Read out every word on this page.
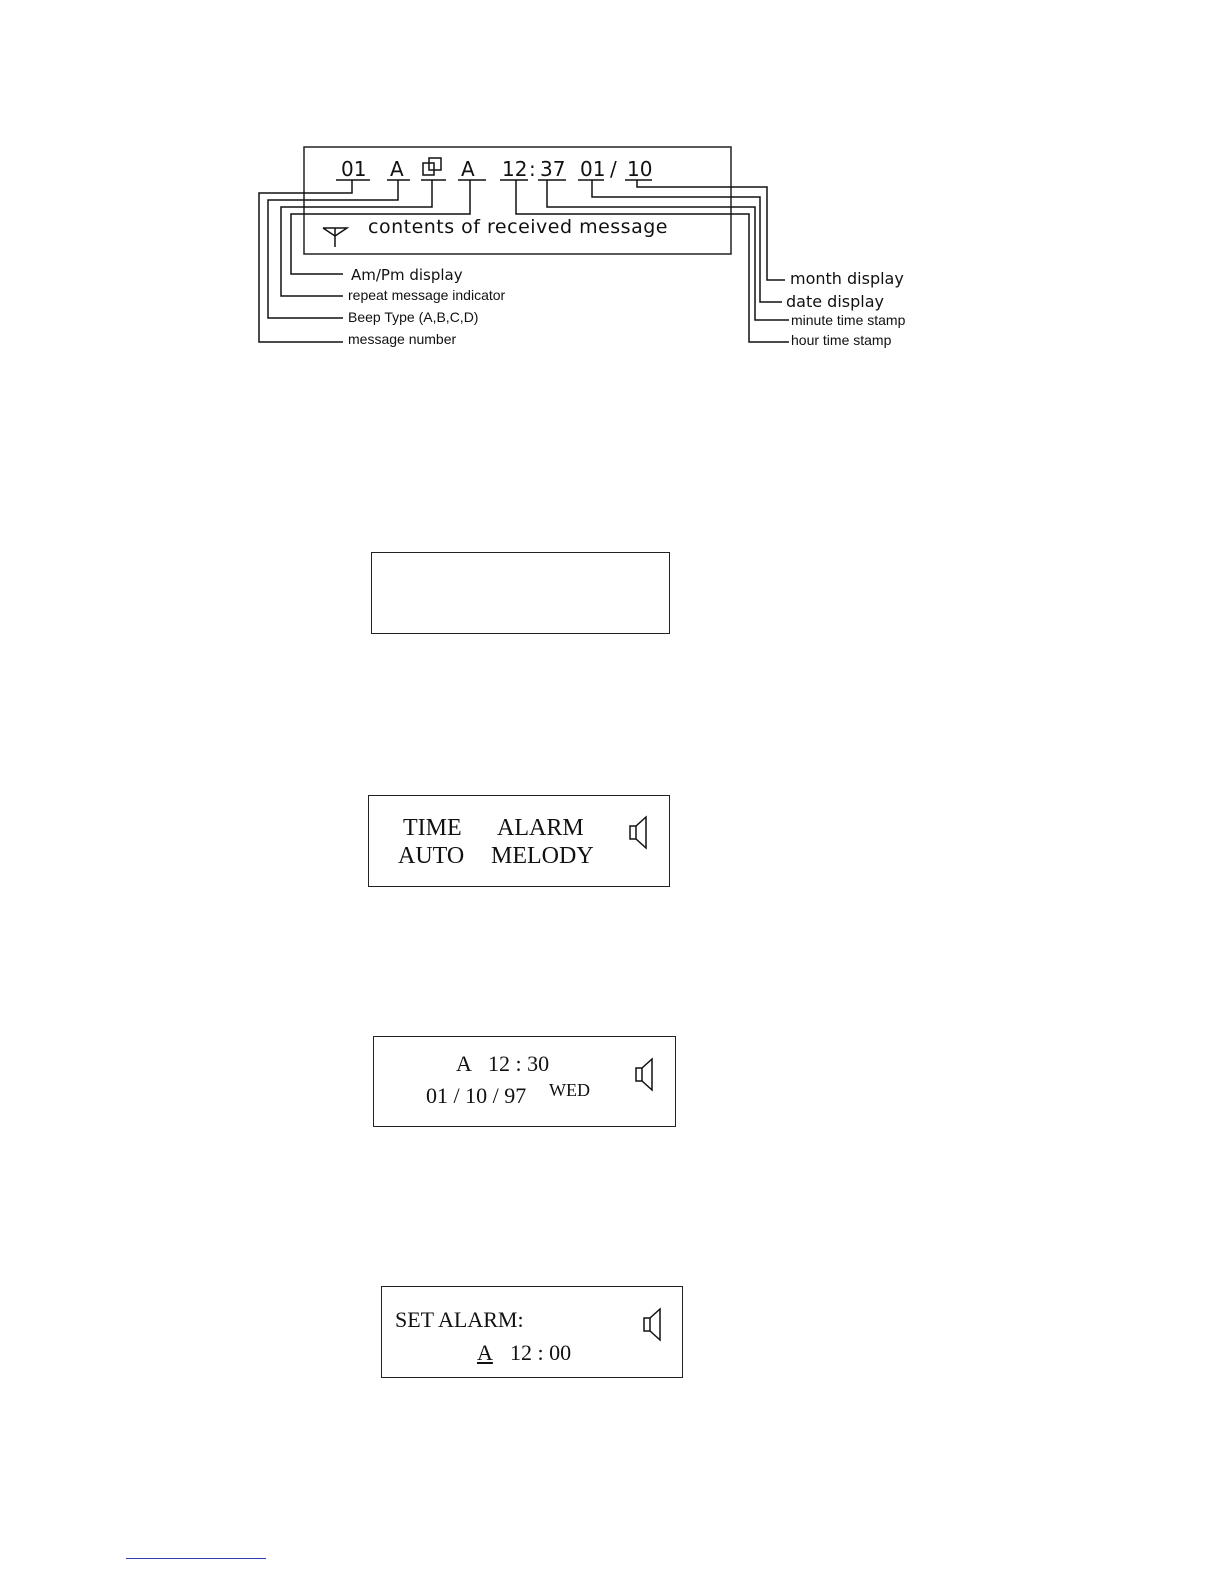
01 A	A 12 : 37 01 / 10
contents of received message
Am/Pm display
repeat message indicator
Beep Type (A,B,C,D)
message number
month display
date display
minute time stamp
hour time stamp
TIME ALARM
AUTO MELODY
A 12 : 30
01 / 10 / 97 WED
SET ALARM:
A 12 : 00
